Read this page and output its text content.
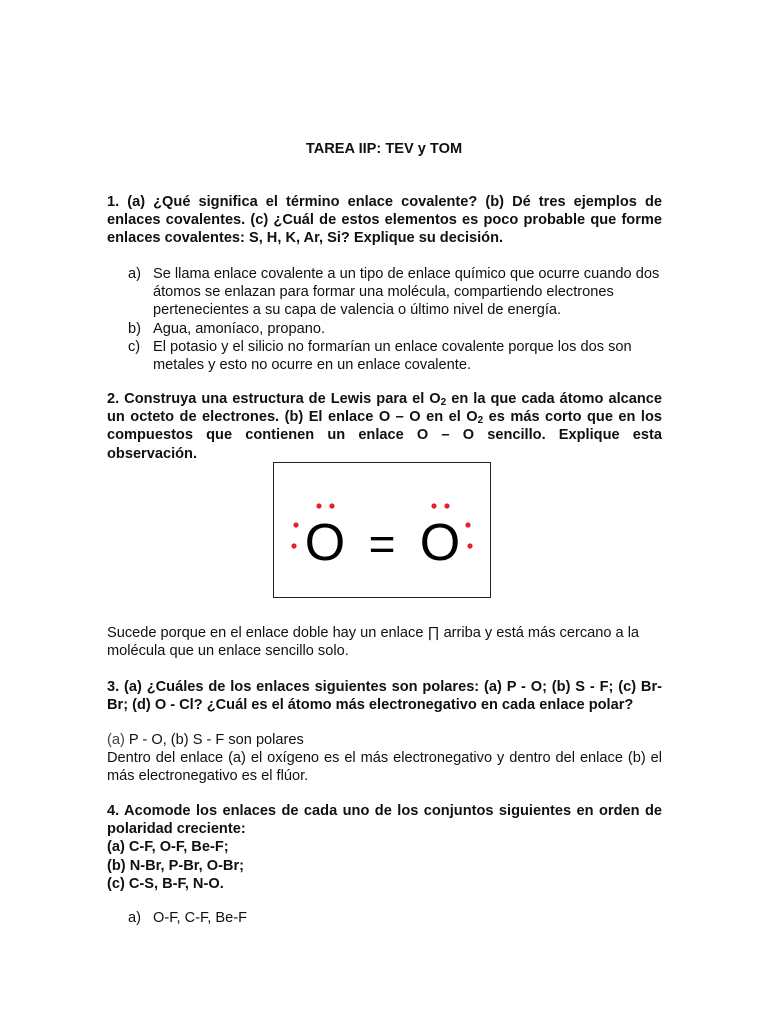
TAREA IIP: TEV y TOM
1. (a) ¿Qué significa el término enlace covalente? (b) Dé tres ejemplos de enlaces covalentes. (c) ¿Cuál de estos elementos es poco probable que forme enlaces covalentes: S, H, K, Ar, Si? Explique su decisión.
a) Se llama enlace covalente a un tipo de enlace químico que ocurre cuando dos átomos se enlazan para formar una molécula, compartiendo electrones pertenecientes a su capa de valencia o último nivel de energía.
b) Agua, amoníaco, propano.
c) El potasio y el silicio no formarían un enlace covalente porque los dos son metales y esto no ocurre en un enlace covalente.
2. Construya una estructura de Lewis para el $O_2$ en la que cada átomo alcance un octeto de electrones. (b) El enlace O – O en el $O_2$ es más corto que en los compuestos que contienen un enlace O – O sencillo. Explique esta observación.
O = O
Sucede porque en el enlace doble hay un enlace ∏ arriba y está más cercano a la molécula que un enlace sencillo solo.
3. (a) ¿Cuáles de los enlaces siguientes son polares: (a) P - O; (b) S - F; (c) Br-Br; (d) O - Cl? ¿Cuál es el átomo más electronegativo en cada enlace polar?
(a) P - O, (b) S - F son polares
Dentro del enlace (a) el oxígeno es el más electronegativo y dentro del enlace (b) el más electronegativo es el flúor.
4. Acomode los enlaces de cada uno de los conjuntos siguientes en orden de polaridad creciente:
(a) C-F, O-F, Be-F;
(b) N-Br, P-Br, O-Br;
(c) C-S, B-F, N-O.
a) O-F, C-F, Be-F
